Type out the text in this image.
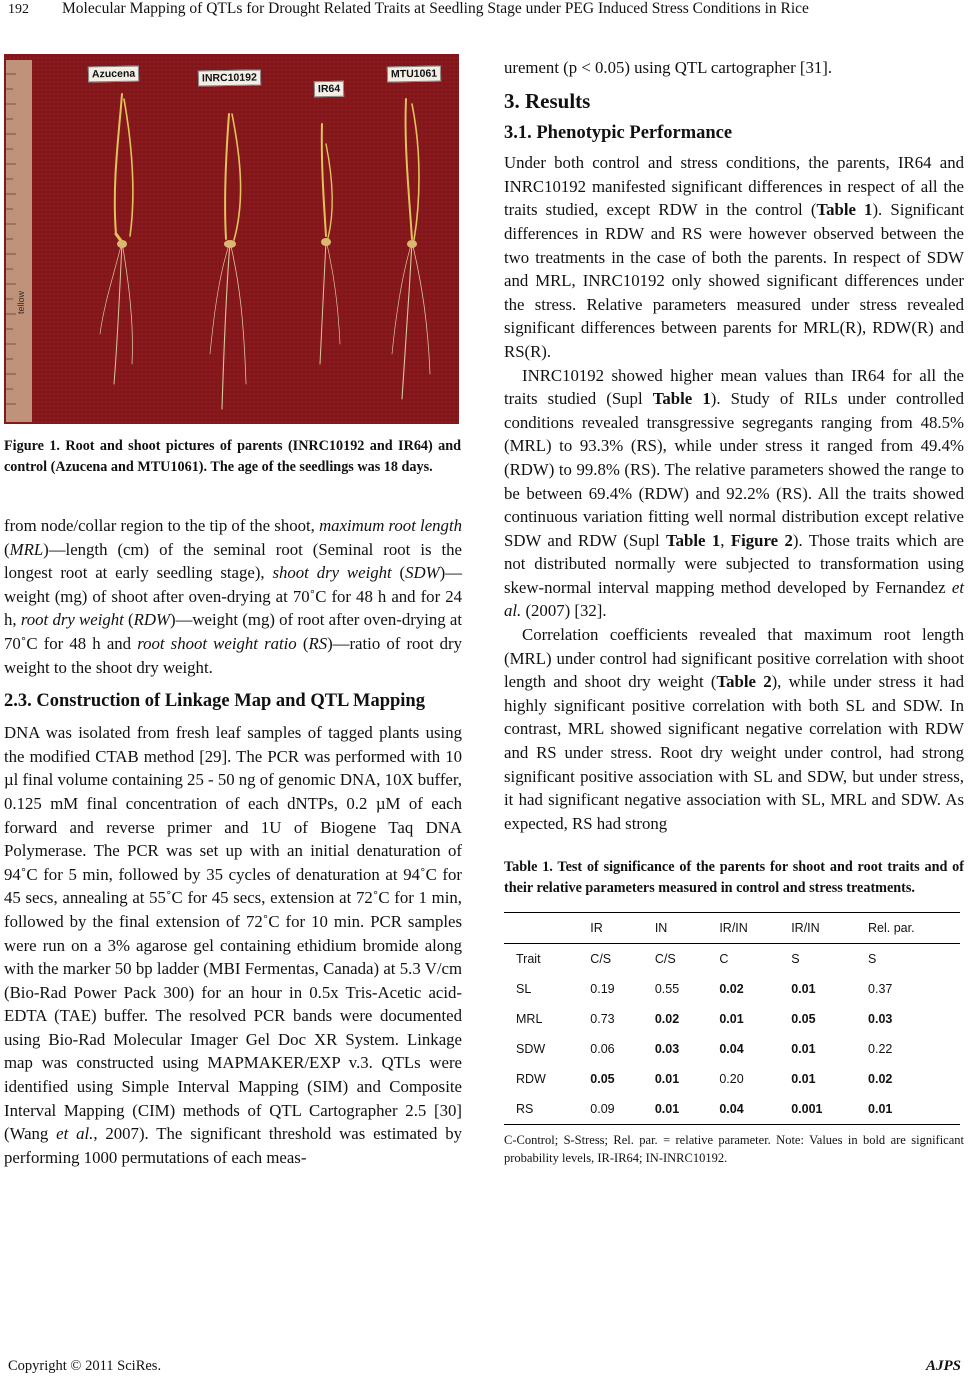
192 Molecular Mapping of QTLs for Drought Related Traits at Seedling Stage under PEG Induced Stress Conditions in Rice
tellow
Azucena	INRC10192
IR64
MTU1061
Figure 1. Root and shoot pictures of parents (INRC10192 and IR64) and control (Azucena and MTU1061). The age of the seedlings was 18 days.

from node/collar region to the tip of the shoot, maximum root length (MRL)—length (cm) of the seminal root (Seminal root is the longest root at early seedling stage), shoot dry weight (SDW)—weight (mg) of shoot after oven-drying at 70˚C for 48 h and for 24 h, root dry weight (RDW)—weight (mg) of root after oven-drying at 70˚C for 48 h and root shoot weight ratio (RS)—ratio of root dry weight to the shoot dry weight.

2.3. Construction of Linkage Map and QTL Mapping

DNA was isolated from fresh leaf samples of tagged plants using the modified CTAB method [29]. The PCR was performed with 10 µl final volume containing 25 - 50 ng of genomic DNA, 10X buffer, 0.125 mM final concentration of each dNTPs, 0.2 µM of each forward and reverse primer and 1U of Biogene Taq DNA Polymerase. The PCR was set up with an initial denaturation of 94˚C for 5 min, followed by 35 cycles of denaturation at 94˚C for 45 secs, annealing at 55˚C for 45 secs, extension at 72˚C for 1 min, followed by the final extension of 72˚C for 10 min. PCR samples were run on a 3% agarose gel containing ethidium bromide along with the marker 50 bp ladder (MBI Fermentas, Canada) at 5.3 V/cm (Bio-Rad Power Pack 300) for an hour in 0.5x Tris-Acetic acid-EDTA (TAE) buffer. The resolved PCR bands were documented using Bio-Rad Molecular Imager Gel Doc XR System. Linkage map was constructed using MAPMAKER/EXP v.3. QTLs were identified using Simple Interval Mapping (SIM) and Composite Interval Mapping (CIM) methods of QTL Cartographer 2.5 [30] (Wang et al., 2007). The significant threshold was estimated by performing 1000 permutations of each meas-

urement (p < 0.05) using QTL cartographer [31].

3. Results
3.1. Phenotypic Performance

Under both control and stress conditions, the parents, IR64 and INRC10192 manifested significant differences in respect of all the traits studied, except RDW in the control (Table 1). Significant differences in RDW and RS were however observed between the two treatments in the case of both the parents. In respect of SDW and MRL, INRC10192 only showed significant differences under the stress. Relative parameters measured under stress revealed significant differences between parents for MRL(R), RDW(R) and RS(R).

INRC10192 showed higher mean values than IR64 for all the traits studied (Supl Table 1). Study of RILs under controlled conditions revealed transgressive segregants ranging from 48.5% (MRL) to 93.3% (RS), while under stress it ranged from 49.4% (RDW) to 99.8% (RS). The relative parameters showed the range to be between 69.4% (RDW) and 92.2% (RS). All the traits showed continuous variation fitting well normal distribution except relative SDW and RDW (Supl Table 1, Figure 2). Those traits which are not distributed normally were subjected to transformation using skew-normal interval mapping method developed by Fernandez et al. (2007) [32].

Correlation coefficients revealed that maximum root length (MRL) under control had significant positive correlation with shoot length and shoot dry weight (Table 2), while under stress it had highly significant positive correlation with both SL and SDW. In contrast, MRL showed significant negative correlation with RDW and RS under stress. Root dry weight under control, had strong significant positive association with SL and SDW, but under stress, it had significant negative association with SL, MRL and SDW. As expected, RS had strong

Table 1. Test of significance of the parents for shoot and root traits and of their relative parameters measured in control and stress treatments.
	IR	IN	IR/IN	IR/IN	Rel. par.
Trait	C/S	C/S	C	S	S
SL	0.19	0.55	0.02	0.01	0.37
MRL	0.73	0.02	0.01	0.05	0.03
SDW	0.06	0.03	0.04	0.01	0.22
RDW	0.05	0.01	0.20	0.01	0.02
RS	0.09	0.01	0.04	0.001	0.01
C-Control; S-Stress; Rel. par. = relative parameter. Note: Values in bold are significant probability levels, IR-IR64; IN-INRC10192.
Copyright © 2011 SciRes.	AJPS
